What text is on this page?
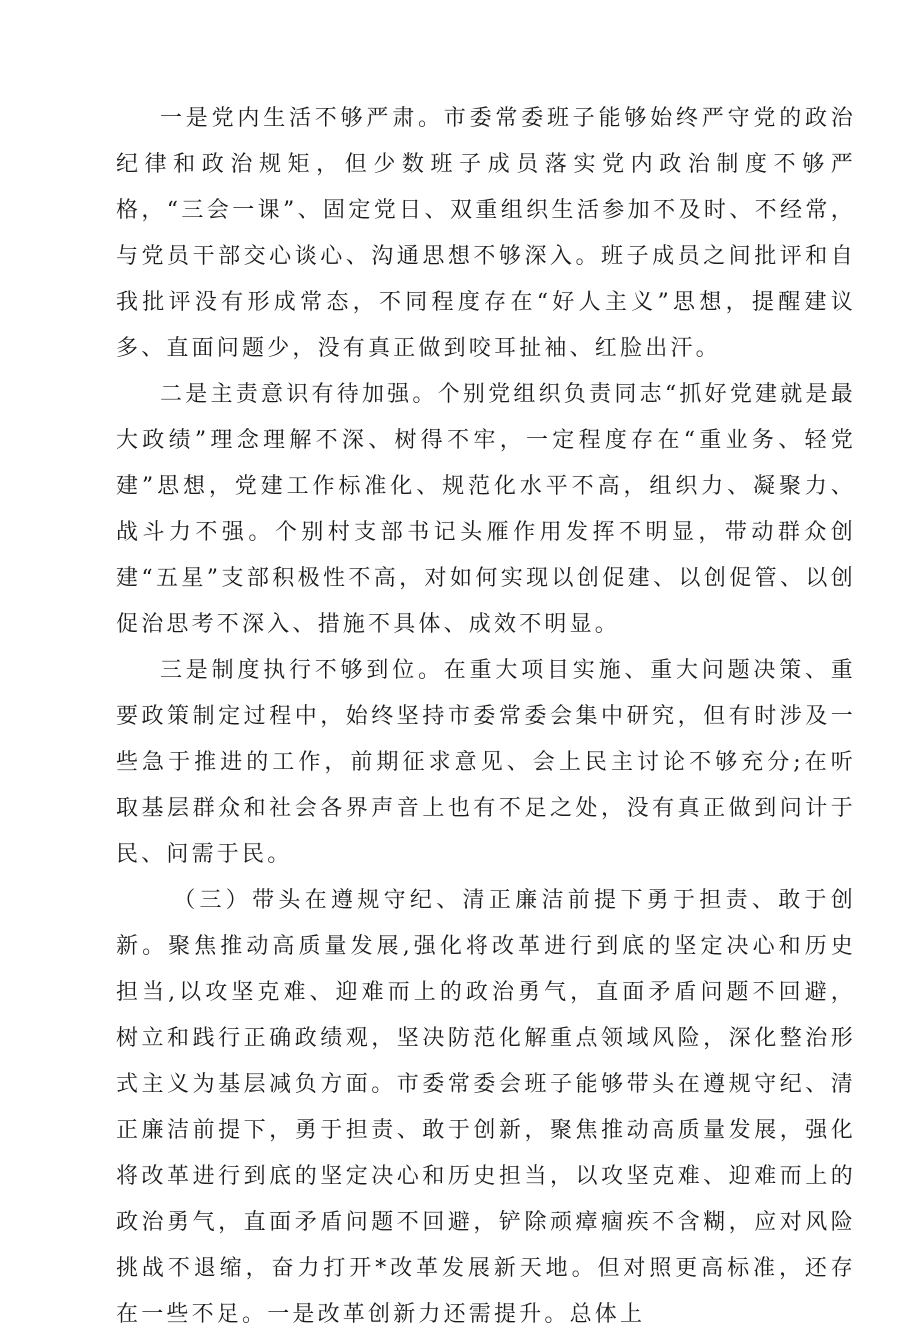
一是党内生活不够严肃。市委常委班子能够始终严守党的政治纪律和政治规矩，但少数班子成员落实党内政治制度不够严格，“三会一课”、固定党日、双重组织生活参加不及时、不经常，与党员干部交心谈心、沟通思想不够深入。班子成员之间批评和自我批评没有形成常态，不同程度存在“好人主义”思想，提醒建议多、直面问题少，没有真正做到咬耳扯袖、红脸出汗。

二是主责意识有待加强。个别党组织负责同志“抓好党建就是最大政绩”理念理解不深、树得不牢，一定程度存在“重业务、轻党建”思想，党建工作标准化、规范化水平不高，组织力、凝聚力、战斗力不强。个别村支部书记头雁作用发挥不明显，带动群众创建“五星”支部积极性不高，对如何实现以创促建、以创促管、以创促治思考不深入、措施不具体、成效不明显。

三是制度执行不够到位。在重大项目实施、重大问题决策、重要政策制定过程中，始终坚持市委常委会集中研究，但有时涉及一些急于推进的工作，前期征求意见、会上民主讨论不够充分;在听取基层群众和社会各界声音上也有不足之处，没有真正做到问计于民、问需于民。

（三）带头在遵规守纪、清正廉洁前提下勇于担责、敢于创新。聚焦推动高质量发展,强化将改革进行到底的坚定决心和历史担当,以攻坚克难、迎难而上的政治勇气，直面矛盾问题不回避，树立和践行正确政绩观，坚决防范化解重点领域风险，深化整治形式主义为基层减负方面。市委常委会班子能够带头在遵规守纪、清正廉洁前提下，勇于担责、敢于创新，聚焦推动高质量发展，强化将改革进行到底的坚定决心和历史担当，以攻坚克难、迎难而上的政治勇气，直面矛盾问题不回避，铲除顽瘴痼疾不含糊，应对风险挑战不退缩，奋力打开*改革发展新天地。但对照更高标准，还存在一些不足。一是改革创新力还需提升。总体上
